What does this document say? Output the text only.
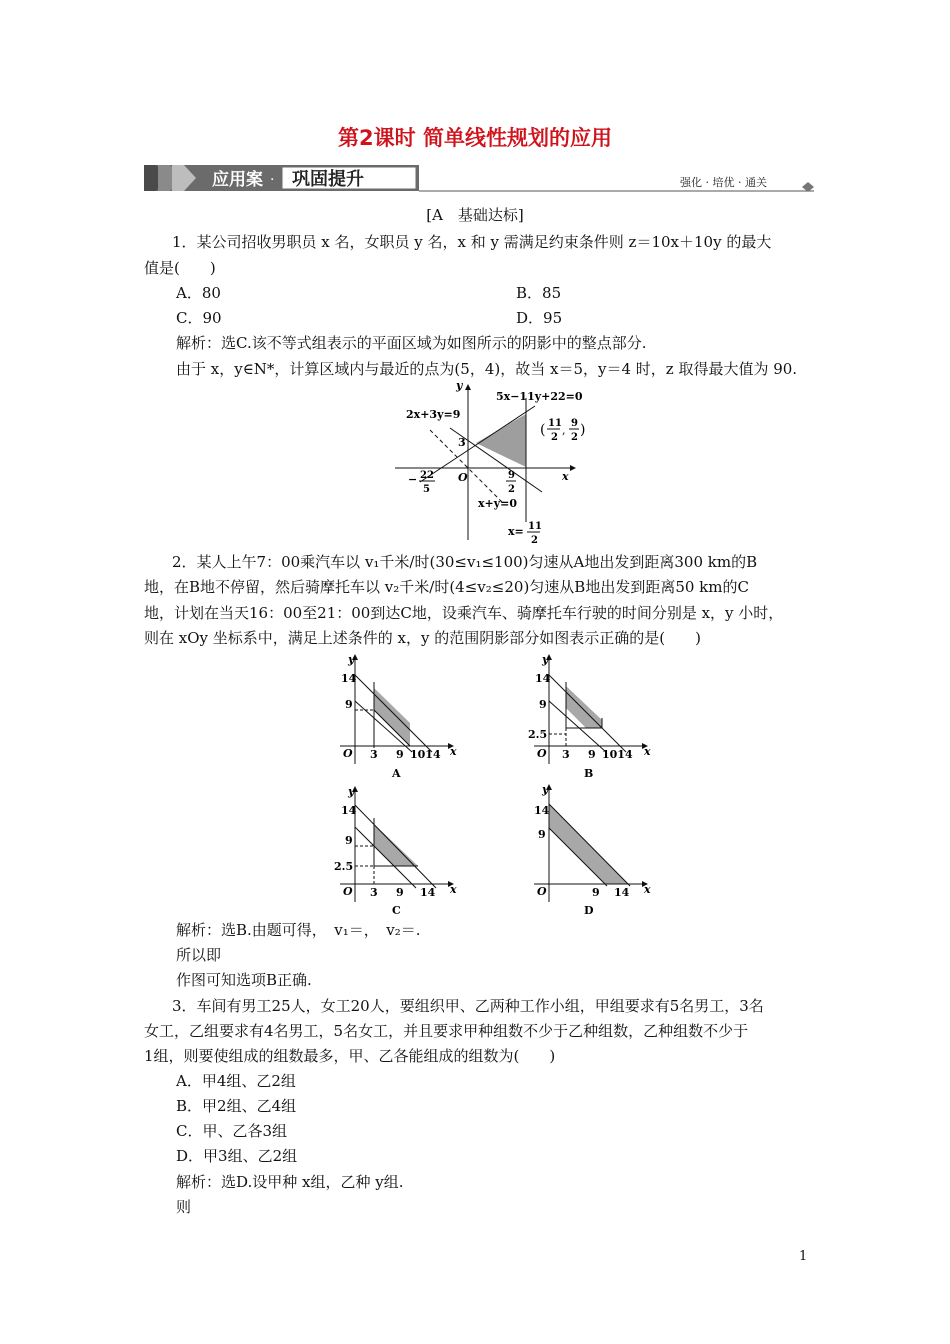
第2课时 简单线性规划的应用
应用案 · 巩固提升	强化 · 培优 · 通关
[A　基础达标]
1．某公司招收男职员 x 名，女职员 y 名，x 和 y 需满足约束条件则 z＝10x＋10y 的最大
值是(　　)
A．80	B．85
C．90	D．95
解析：选C.该不等式组表示的平面区域为如图所示的阴影中的整点部分.
由于 x，y∈N*，计算区域内与最近的点为(5，4)，故当 x＝5，y＝4 时，z 取得最大值为 90.
2x+3y=9
5x−11y+22=0
x+y=0
3
O	x
y
− 22
5
9
2
( 11
2
,
9
2 )
x= 11
2
2．某人上午7：00乘汽车以 v₁千米/时(30≤v₁≤100)匀速从A地出发到距离300 km的B
地，在B地不停留，然后骑摩托车以 v₂千米/时(4≤v₂≤20)匀速从B地出发到距离50 km的C
地，计划在当天16：00至21：00到达C地，设乘汽车、骑摩托车行驶的时间分别是 x，y 小时，
则在 xOy 坐标系中，满足上述条件的 x，y 的范围阴影部分如图表示正确的是(　　)
y
x
O
14
9
3 9 1014
A
y
x
O
14
9
2.5
3 9 1014
B
y
x
O
14
9
2.5
3 9 14
C
y
x
O
14
9
9 14
D
解析：选B.由题可得，　v₁＝，　v₂＝.
所以即
作图可知选项B正确.
3．车间有男工25人，女工20人，要组织甲、乙两种工作小组，甲组要求有5名男工，3名
女工，乙组要求有4名男工，5名女工，并且要求甲种组数不少于乙种组数，乙种组数不少于
1组，则要使组成的组数最多，甲、乙各能组成的组数为(　　)
A．甲4组、乙2组
B．甲2组、乙4组
C．甲、乙各3组
D．甲3组、乙2组
解析：选D.设甲种 x组，乙种 y组.
则
1
